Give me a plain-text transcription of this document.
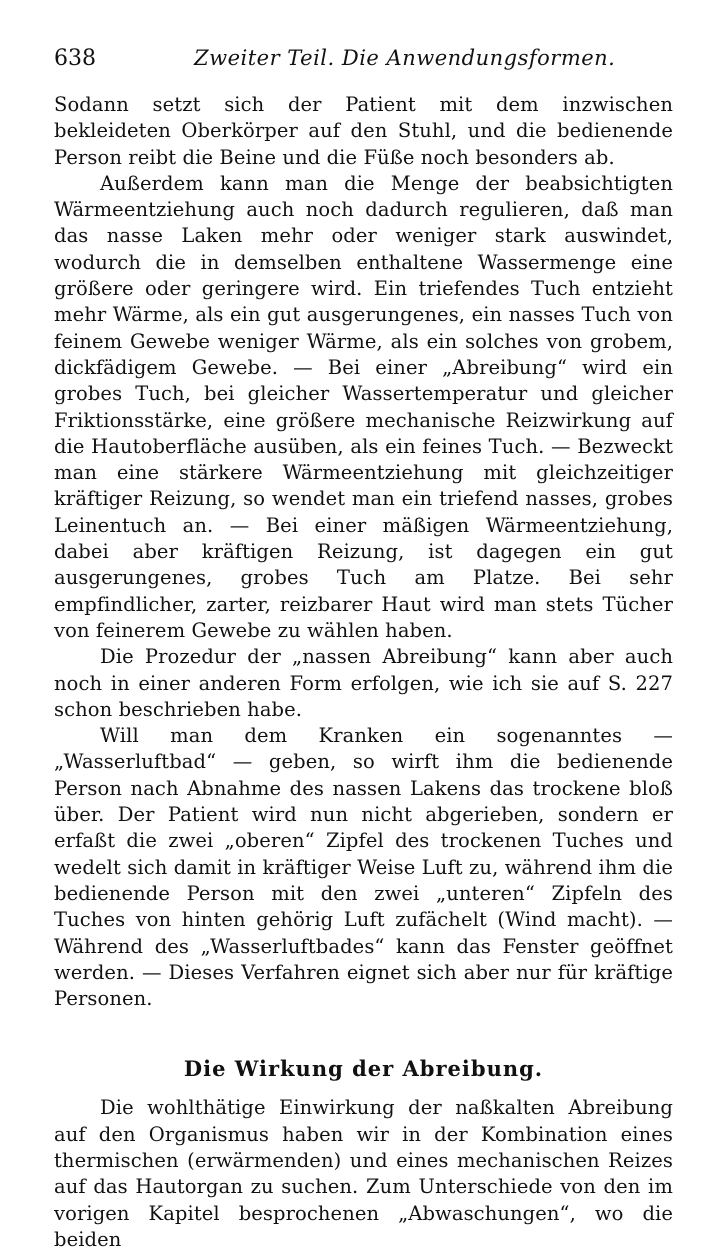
638	Zweiter Teil. Die Anwendungsformen.

Sodann setzt sich der Patient mit dem inzwischen bekleideten Oberkörper auf den Stuhl, und die bedienende Person reibt die Beine und die Füße noch besonders ab.

Außerdem kann man die Menge der beabsichtigten Wärmeentziehung auch noch dadurch regulieren, daß man das nasse Laken mehr oder weniger stark auswindet, wodurch die in demselben enthaltene Wassermenge eine größere oder geringere wird. Ein triefendes Tuch entzieht mehr Wärme, als ein gut ausgerungenes, ein nasses Tuch von feinem Gewebe weniger Wärme, als ein solches von grobem, dickfädigem Gewebe. — Bei einer „Abreibung“ wird ein grobes Tuch, bei gleicher Wassertemperatur und gleicher Friktionsstärke, eine größere mechanische Reizwirkung auf die Hautoberfläche ausüben, als ein feines Tuch. — Bezweckt man eine stärkere Wärmeentziehung mit gleichzeitiger kräftiger Reizung, so wendet man ein triefend nasses, grobes Leinentuch an. — Bei einer mäßigen Wärmeentziehung, dabei aber kräftigen Reizung, ist dagegen ein gut ausgerungenes, grobes Tuch am Platze. Bei sehr empfindlicher, zarter, reizbarer Haut wird man stets Tücher von feinerem Gewebe zu wählen haben.

Die Prozedur der „nassen Abreibung“ kann aber auch noch in einer anderen Form erfolgen, wie ich sie auf S. 227 schon beschrieben habe.

Will man dem Kranken ein sogenanntes — „Wasserluftbad“ — geben, so wirft ihm die bedienende Person nach Abnahme des nassen Lakens das trockene bloß über. Der Patient wird nun nicht abgerieben, sondern er erfaßt die zwei „oberen“ Zipfel des trockenen Tuches und wedelt sich damit in kräftiger Weise Luft zu, während ihm die bedienende Person mit den zwei „unteren“ Zipfeln des Tuches von hinten gehörig Luft zufächelt (Wind macht). — Während des „Wasserluftbades“ kann das Fenster geöffnet werden. — Dieses Verfahren eignet sich aber nur für kräftige Personen.

Die Wirkung der Abreibung.

Die wohlthätige Einwirkung der naßkalten Abreibung auf den Organismus haben wir in der Kombination eines thermischen (erwärmenden) und eines mechanischen Reizes auf das Hautorgan zu suchen. Zum Unterschiede von den im vorigen Kapitel besprochenen „Abwaschungen“, wo die beiden
